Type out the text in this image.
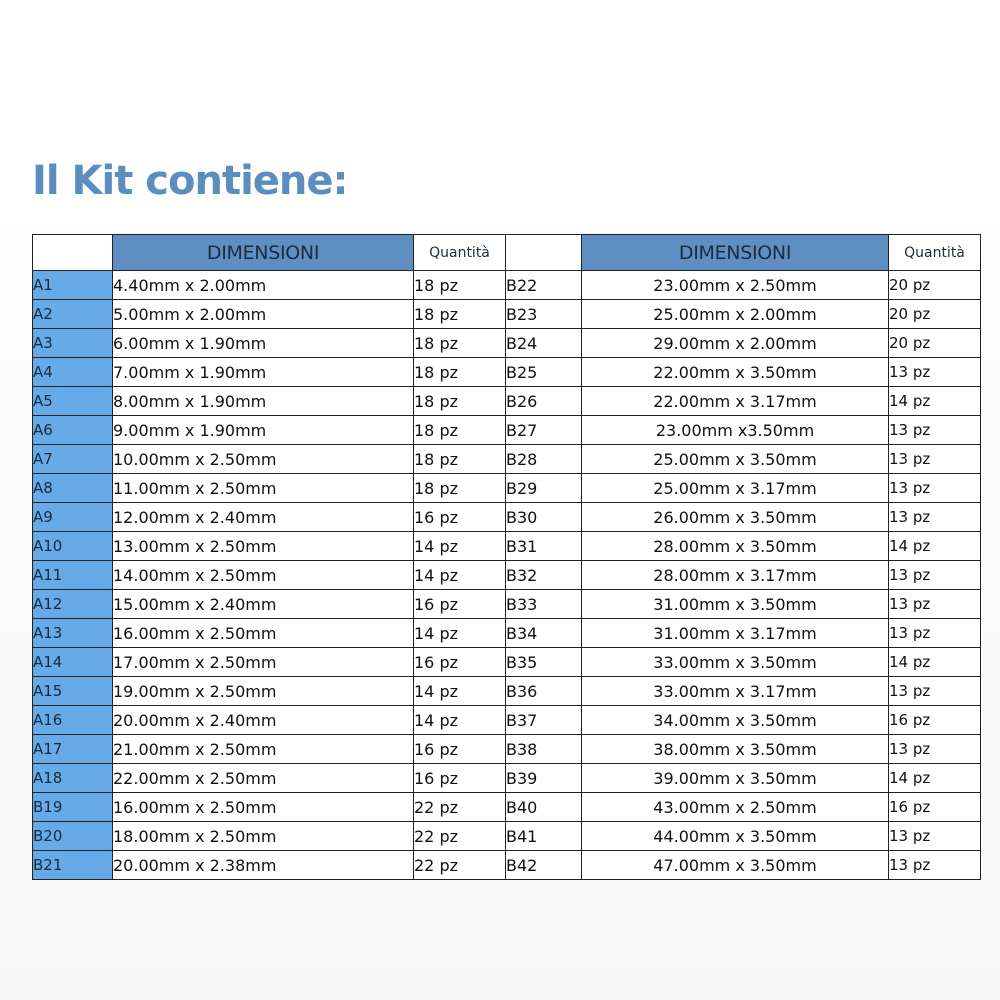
Il Kit contiene:
	DIMENSIONI	Quantità		DIMENSIONI	Quantità
A1	4.40mm x 2.00mm	18 pz	B22	23.00mm x 2.50mm	20 pz
A2	5.00mm x 2.00mm	18 pz	B23	25.00mm x 2.00mm	20 pz
A3	6.00mm x 1.90mm	18 pz	B24	29.00mm x 2.00mm	20 pz
A4	7.00mm x 1.90mm	18 pz	B25	22.00mm x 3.50mm	13 pz
A5	8.00mm x 1.90mm	18 pz	B26	22.00mm x 3.17mm	14 pz
A6	9.00mm x 1.90mm	18 pz	B27	23.00mm x3.50mm	13 pz
A7	10.00mm x 2.50mm	18 pz	B28	25.00mm x 3.50mm	13 pz
A8	11.00mm x 2.50mm	18 pz	B29	25.00mm x 3.17mm	13 pz
A9	12.00mm x 2.40mm	16 pz	B30	26.00mm x 3.50mm	13 pz
A10	13.00mm x 2.50mm	14 pz	B31	28.00mm x 3.50mm	14 pz
A11	14.00mm x 2.50mm	14 pz	B32	28.00mm x 3.17mm	13 pz
A12	15.00mm x 2.40mm	16 pz	B33	31.00mm x 3.50mm	13 pz
A13	16.00mm x 2.50mm	14 pz	B34	31.00mm x 3.17mm	13 pz
A14	17.00mm x 2.50mm	16 pz	B35	33.00mm x 3.50mm	14 pz
A15	19.00mm x 2.50mm	14 pz	B36	33.00mm x 3.17mm	13 pz
A16	20.00mm x 2.40mm	14 pz	B37	34.00mm x 3.50mm	16 pz
A17	21.00mm x 2.50mm	16 pz	B38	38.00mm x 3.50mm	13 pz
A18	22.00mm x 2.50mm	16 pz	B39	39.00mm x 3.50mm	14 pz
B19	16.00mm x 2.50mm	22 pz	B40	43.00mm x 2.50mm	16 pz
B20	18.00mm x 2.50mm	22 pz	B41	44.00mm x 3.50mm	13 pz
B21	20.00mm x 2.38mm	22 pz	B42	47.00mm x 3.50mm	13 pz
